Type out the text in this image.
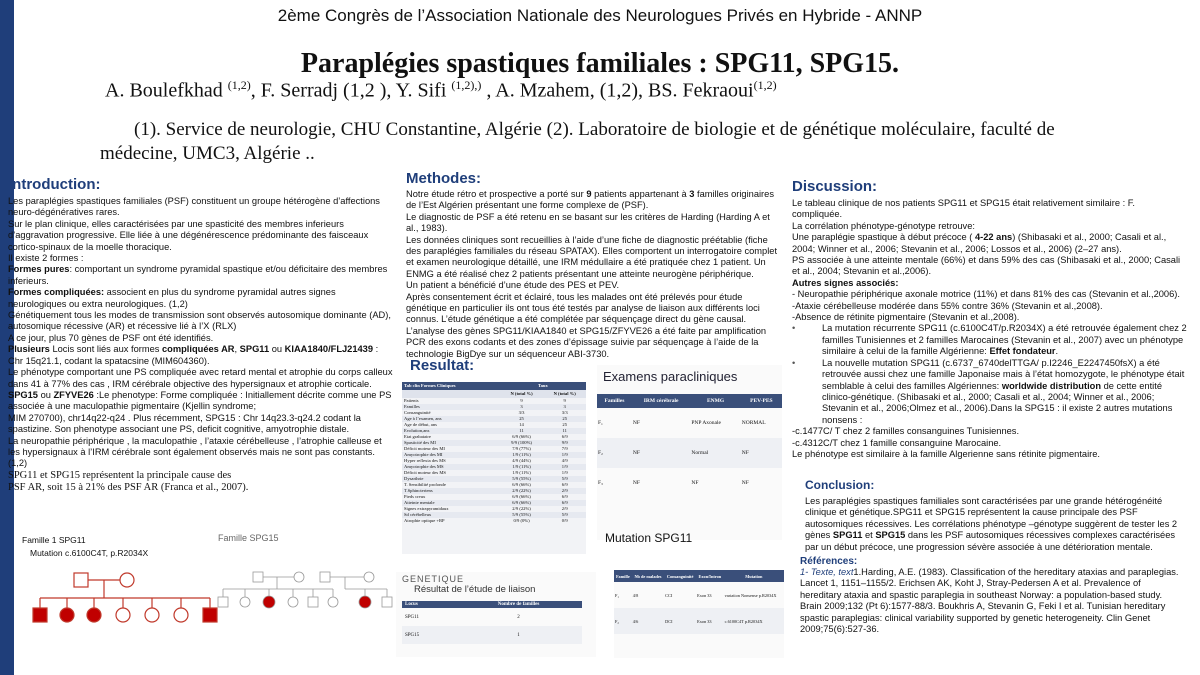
2ème Congrès de l’Association Nationale des Neurologues Privés en Hybride - ANNP
Paraplégies spastiques familiales : SPG11, SPG15.
A. Boulefkhad $^{(1,2)}$, F. Serradj (1,2 ), Y. Sifi $^{(1,2),)}$ , A. Mzahem, (1,2), BS. Fekraoui$^{(1,2)}$
(1). Service de neurologie, CHU Constantine, Algérie (2). Laboratoire de biologie et de génétique moléculaire, faculté de médecine, UMC3, Algérie ..
Introduction:

Les paraplégies spastiques familiales (PSF) constituent un groupe hétérogène d’affections neuro-dégénératives rares.

Sur le plan clinique, elles caractérisées par une spasticité des membres inferieurs d’aggravation progressive. Elle liée à une dégénérescence prédominante des faisceaux cortico-spinaux de la moelle thoracique.

Il existe 2 formes :

Formes pures: comportant un syndrome pyramidal spastique et/ou déficitaire des membres inferieurs.

Formes compliquées: associent en plus du syndrome pyramidal autres signes neurologiques ou extra neurologiques. (1,2)

Génétiquement tous les modes de transmission sont observés autosomique dominante (AD), autosomique récessive (AR) et récessive lié à l’X (RLX)

A ce jour, plus 70 gènes de PSF ont été identifiés.

Plusieurs Locis sont liés aux formes compliquées AR, SPG11 ou KIAA1840/FLJ21439 : Chr 15q21.1, codant la spatacsine (MIM604360).

Le phénotype comportant une PS compliquée avec retard mental et atrophie du corps calleux dans 41 à 77% des cas , IRM cérébrale objective des hypersignaux et atrophie corticale.

SPG15 ou ZFYVE26 :Le phenotype: Forme compliquée : Initiallement décrite comme une PS associée à une maculopathie pigmentaire (Kjellin syndrome;

MIM 270700), chr14q22-q24 . Plus récemment, SPG15 : Chr 14q23.3-q24.2 codant la spastizine. Son phenotype associant une PS, deficit cognitive, amyotrophie distale.

La neuropathie périphérique , la maculopathie , l’ataxie cérébelleuse , l’atrophie calleuse et les hypersignaux à l’IRM cérébrale sont également observés mais ne sont pas constants.(1,2)

SPG11 et SPG15 représentent la principale cause des
PSF AR, soit 15 à 21% des PSF AR (Franca et al., 2007).
Famille 1 SPG11
Mutation c.6100C4T, p.R2034X
Famille SPG15
Methodes:

Notre étude rétro et prospective a porté sur 9 patients appartenant à 3 familles originaires de l’Est Algérien présentant une forme complexe de (PSF).

Le diagnostic de PSF a été retenu en se basant sur les critères de Harding (Harding A et al., 1983).

Les données cliniques sont recueillies à l’aide d’une fiche de diagnostic préétablie (fiche des paraplégies familiales du réseau SPATAX). Elles comportent un interrogatoire complet et examen neurologique détaillé, une IRM médullaire a été pratiquée chez 1 patient. Un ENMG a été réalisé chez 2 patients présentant une atteinte neurogène périphérique.

Un patient a bénéficié d’une étude des PES et PEV.

Après consentement écrit et éclairé, tous les malades ont été prélevés pour étude génétique en particulier ils ont tous été testés par analyse de liaison aux différents loci connus. L’étude génétique a été complétée par séquençage direct du gène causal.

L’analyse des gènes SPG11/KIAA1840 et SPG15/ZFYVE26 a été faite par amplification PCR des exons codants et des zones d’épissage suivie par séquençage à l’aide de la technologie BigDye sur un séquenceur ABI-3730.

Resultat:
Tab clin Formes Cliniques	Taux	
	N (total %)	N (total %)
Patients	9	9
Familles	3	3
Consanguinité	3/3	3/3
Age à l’examen, ans	25	25
Age de début, ans	14	25
Evolution,ans	11	11
Etat grabataire	6/9 (66%)	6/9
Spasticité des MI	9/9 (100%)	9/9
Déficit moteur des MI	7/9 (77%)	7/9
Amyotrophie des MI	1/9 (11%)	1/9
Hyper reflexia des MS	4/9 (44%)	4/9
Amyotrophie des MS	1/9 (11%)	1/9
Déficit moteur des MS	1/9 (11%)	1/9
Dysarthrie	5/9 (55%)	5/9
T. Sensibilité profonde	6/9 (66%)	6/9
T.Sphincteriens	2/9 (22%)	2/9
Pieds creux	6/9 (66%)	6/9
Atteinte mentale	6/9 (66%)	6/9
Signes extrapyramidaux	2/9 (22%)	2/9
Sd cérébelleux	5/9 (55%)	5/9
Atrophie optique +RP	0/9 (0%)	0/9
Examens paracliniques
Familles	IRM cérébrale	ENMG	PEV-PES
F₁	NF	PNP Axonale	NORMAL
F₂	NF	Normal	NF
F₃	NF	NF	NF
Mutation SPG11
GENETIQUE
Résultat de l’étude de liaison
Locus	Nombre de familles
SPG11	2
SPG15	1
Famille	Nb de malades	Consanguinité	Exon/Intron	Mutation
F₁	4/8	CCI	Exon 33	variation Nonsense p.R2034X
F₂	4/6	DCI	Exon 33	c.6100C4T p.R2034X
Discussion:

Le tableau clinique de nos patients SPG11 et SPG15 était relativement similaire : F. compliquée.

La corrélation phénotype-génotype retrouve:

Une paraplégie spastique à début précoce ( 4-22 ans) (Shibasaki et al., 2000; Casali et al., 2004; Winner et al., 2006; Stevanin et al., 2006; Lossos et al., 2006) (2–27 ans).

PS associée à une atteinte mentale (66%) et dans 59% des cas (Shibasaki et al., 2000; Casali et al., 2004; Stevanin et al.,2006).

Autres signes associés:

- Neuropathie périphérique axonale motrice (11%) et dans 81% des cas (Stevanin et al.,2006).

-Ataxie cérébelleuse modérée dans 55% contre 36% (Stevanin et al.,2008).

-Absence de rétinite pigmentaire (Stevanin et al.,2008).

•	La mutation récurrente SPG11 (c.6100C4T/p.R2034X) a été retrouvée également chez 2 familles Tunisiennes et 2 familles Marocaines (Stevanin et al., 2007) avec un phénotype similaire à celui de la famille Algérienne: Effet fondateur.
•	La nouvelle mutation SPG11 (c.6737_6740delTTGA/ p.I2246_E2247450fsX) a été retrouvée aussi chez une famille Japonaise mais à l’état homozygote, le phénotype était semblable à celui des familles Algériennes: worldwide distribution de cette entité clinico-génétique. (Shibasaki et al., 2000; Casali et al., 2004; Winner et al., 2006; Stevanin et al., 2006;Olmez et al., 2006).Dans la SPG15 : il existe 2 autres mutations nonsens :

-c.1477C/ T chez 2 familles consanguines Tunisiennes.

-c.4312C/T chez 1 famille consanguine Marocaine.

Le phénotype est similaire à la famille Algerienne sans rétinite pigmentaire.

Conclusion:

Les paraplégies spastiques familiales sont caractérisées par une grande hétérogénéité clinique et génétique.SPG11 et SPG15 représentent la cause principale des PSF autosomiques récessives. Les corrélations phénotype –génotype suggèrent de tester les 2 gènes SPG11 et SPG15 dans les PSF autosomiques récessives complexes caractérisées par un début précoce, une progression sévère associée à une détérioration mentale.

Références:

1- Texte, text1.Harding, A.E. (1983). Classification of the hereditary ataxias and paraplegias. Lancet 1, 1151–1155/2. Erichsen AK, Koht J, Stray-Pedersen A et al. Prevalence of hereditary ataxia and spastic paraplegia in southeast Norway: a population-based study. Brain 2009;132 (Pt 6):1577-88/3. Boukhris A, Stevanin G, Feki I et al. Tunisian hereditary spastic paraplegias: clinical variability supported by genetic heterogeneity. Clin Genet 2009;75(6):527-36.
